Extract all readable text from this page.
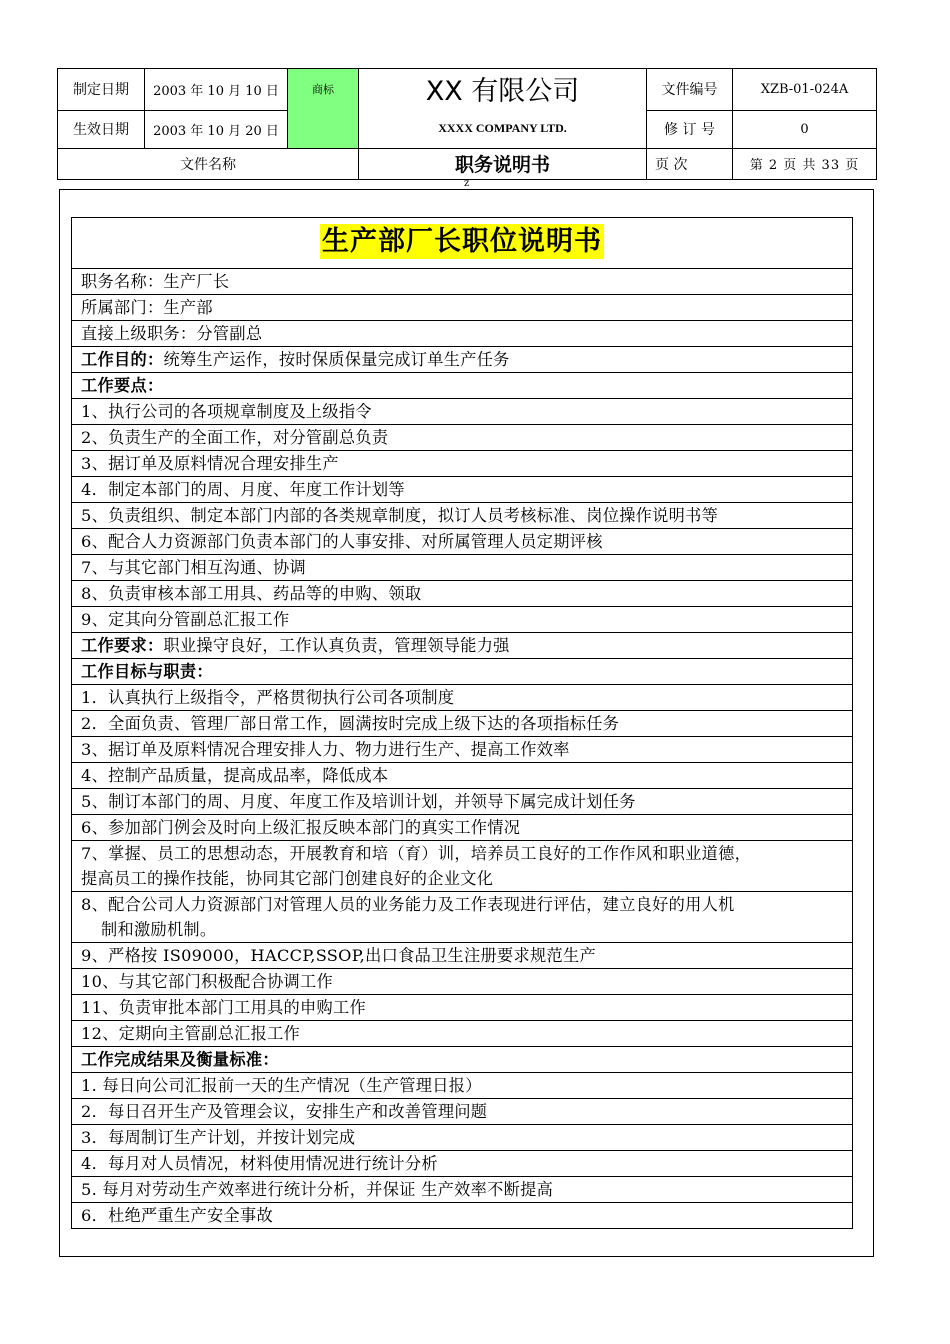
制定日期	2003 年 10 月 10 日	商标	XX 有限公司	文件编号	XZB-01-024A
生效日期	2003 年 10 月 20 日		XXXX COMPANY LTD.	修 订 号	0
文件名称			职务说明书	页 次	第 2 页 共 33 页
z
生产部厂长职位说明书
职务名称：生产厂长
所属部门：生产部
直接上级职务：分管副总
工作目的：统筹生产运作，按时保质保量完成订单生产任务
工作要点：
1、执行公司的各项规章制度及上级指令
2、负责生产的全面工作，对分管副总负责
3、据订单及原料情况合理安排生产
4．制定本部门的周、月度、年度工作计划等
5、负责组织、制定本部门内部的各类规章制度，拟订人员考核标准、岗位操作说明书等
6、配合人力资源部门负责本部门的人事安排、对所属管理人员定期评核
7、与其它部门相互沟通、协调
8、负责审核本部工用具、药品等的申购、领取
9、定其向分管副总汇报工作
工作要求：职业操守良好，工作认真负责，管理领导能力强
工作目标与职责：
1．认真执行上级指令，严格贯彻执行公司各项制度
2．全面负责、管理厂部日常工作，圆满按时完成上级下达的各项指标任务
3、据订单及原料情况合理安排人力、物力进行生产、提高工作效率
4、控制产品质量，提高成品率，降低成本
5、制订本部门的周、月度、年度工作及培训计划，并领导下属完成计划任务
6、参加部门例会及时向上级汇报反映本部门的真实工作情况

7、掌握、员工的思想动态，开展教育和培（育）训，培养员工良好的工作作风和职业道德，
提高员工的操作技能，协同其它部门创建良好的企业文化

8、配合公司人力资源部门对管理人员的业务能力及工作表现进行评估，建立良好的用人机
制和激励机制。

9、严格按 IS09000，HACCP,SSOP,出口食品卫生注册要求规范生产
10、与其它部门积极配合协调工作
11、负责审批本部门工用具的申购工作
12、定期向主管副总汇报工作
工作完成结果及衡量标准：
1. 每日向公司汇报前一天的生产情况（生产管理日报）
2．每日召开生产及管理会议，安排生产和改善管理问题
3．每周制订生产计划，并按计划完成
4．每月对人员情况，材料使用情况进行统计分析
5. 每月对劳动生产效率进行统计分析，并保证 生产效率不断提高
6．杜绝严重生产安全事故
